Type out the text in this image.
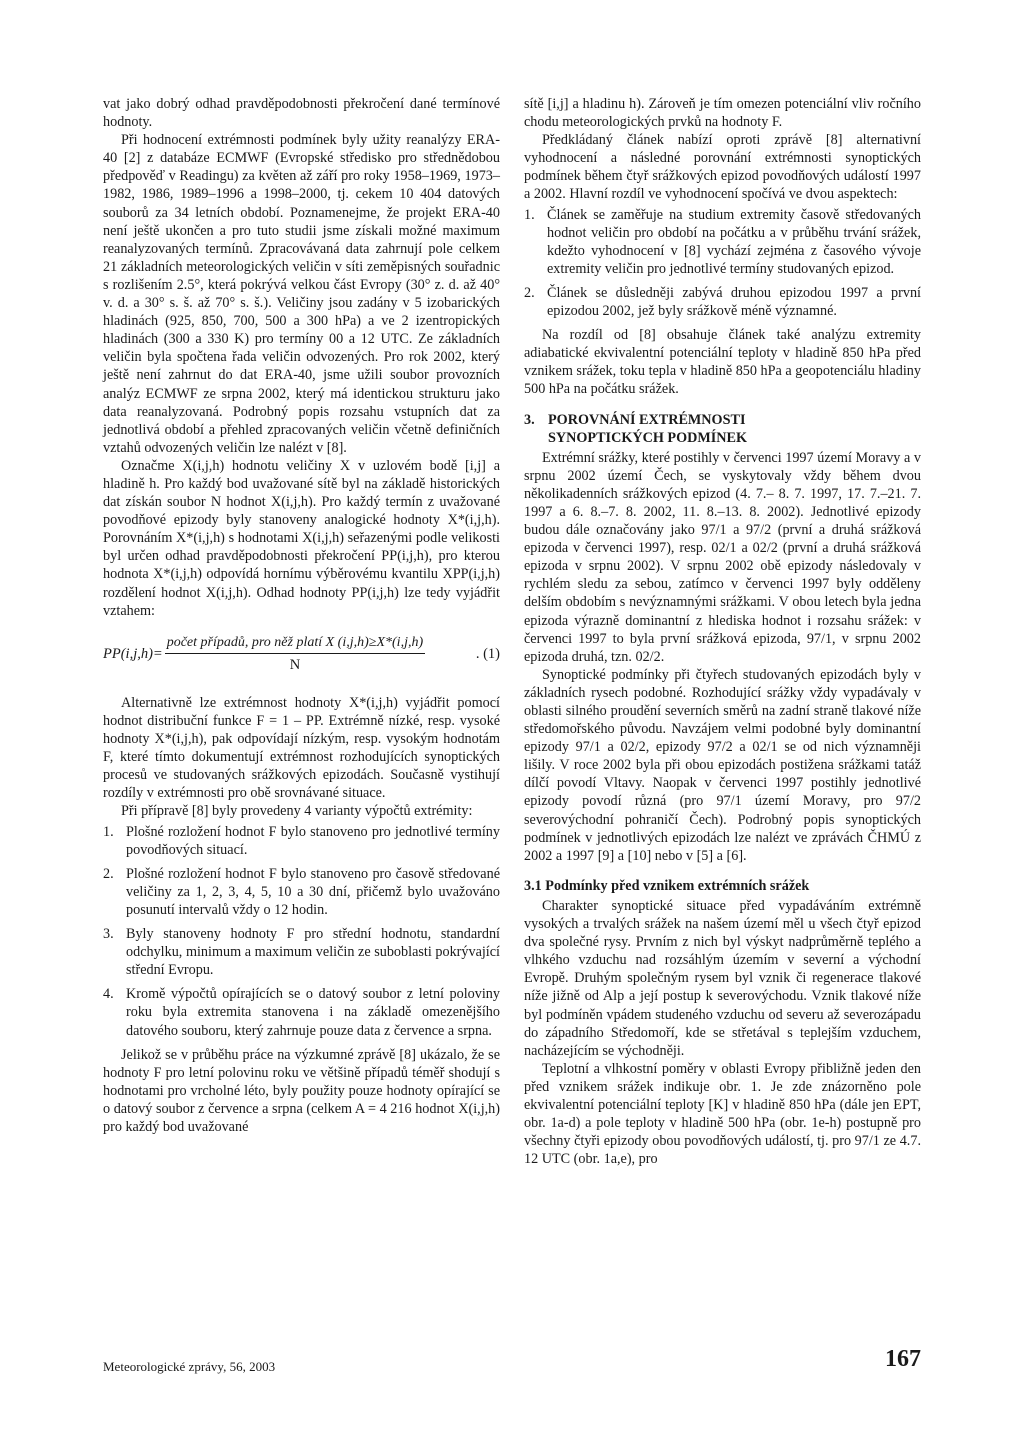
vat jako dobrý odhad pravděpodobnosti překročení dané termínové hodnoty.

Při hodnocení extrémnosti podmínek byly užity reanalýzy ERA-40 [2] z databáze ECMWF (Evropské středisko pro střednědobou předpověď v Readingu) za květen až září pro roky 1958–1969, 1973–1982, 1986, 1989–1996 a 1998–2000, tj. cekem 10 404 datových souborů za 34 letních období. Poznamenejme, že projekt ERA-40 není ještě ukončen a pro tuto studii jsme získali možné maximum reanalyzovaných termínů. Zpracovávaná data zahrnují pole celkem 21 základních meteorologických veličin v síti zeměpisných souřadnic s rozlišením 2.5°, která pokrývá velkou část Evropy (30° z. d. až 40° v. d. a 30° s. š. až 70° s. š.). Veličiny jsou zadány v 5 izobarických hladinách (925, 850, 700, 500 a 300 hPa) a ve 2 izentropických hladinách (300 a 330 K) pro termíny 00 a 12 UTC. Ze základních veličin byla spočtena řada veličin odvozených. Pro rok 2002, který ještě není zahrnut do dat ERA-40, jsme užili soubor provozních analýz ECMWF ze srpna 2002, který má identickou strukturu jako data reanalyzovaná. Podrobný popis rozsahu vstupních dat za jednotlivá období a přehled zpracovaných veličin včetně definičních vztahů odvozených veličin lze nalézt v [8].

Označme X(i,j,h) hodnotu veličiny X v uzlovém bodě [i,j] a hladině h. Pro každý bod uvažované sítě byl na základě historických dat získán soubor N hodnot X(i,j,h). Pro každý termín z uvažované povodňové epizody byly stanoveny analogické hodnoty X*(i,j,h). Porovnáním X*(i,j,h) s hodnotami X(i,j,h) seřazenými podle velikosti byl určen odhad pravděpodobnosti překročení PP(i,j,h), pro kterou hodnota X*(i,j,h) odpovídá hornímu výběrovému kvantilu XPP(i,j,h) rozdělení hodnot X(i,j,h). Odhad hodnoty PP(i,j,h) lze tedy vyjádřit vztahem:

$PP(i,j,h)= \frac{\text{počet případů, pro něž platí X (i,j,h)≥X*(i,j,h)}}{N}$	. (1)

Alternativně lze extrémnost hodnoty X*(i,j,h) vyjádřit pomocí hodnot distribuční funkce F = 1 – PP. Extrémně nízké, resp. vysoké hodnoty X*(i,j,h), pak odpovídají nízkým, resp. vysokým hodnotám F, které tímto dokumentují extrémnost rozhodujících synoptických procesů ve studovaných srážkových epizodách. Současně vystihují rozdíly v extrémnosti pro obě srovnávané situace.

Při přípravě [8] byly provedeny 4 varianty výpočtů extrémity:

1. Plošné rozložení hodnot F bylo stanoveno pro jednotlivé termíny povodňových situací.
2. Plošné rozložení hodnot F bylo stanoveno pro časově středované veličiny za 1, 2, 3, 4, 5, 10 a 30 dní, přičemž bylo uvažováno posunutí intervalů vždy o 12 hodin.
3. Byly stanoveny hodnoty F pro střední hodnotu, standardní odchylku, minimum a maximum veličin ze suboblasti pokrývající střední Evropu.
4. Kromě výpočtů opírajících se o datový soubor z letní poloviny roku byla extremita stanovena i na základě omezenějšího datového souboru, který zahrnuje pouze data z července a srpna.

Jelikož se v průběhu práce na výzkumné zprávě [8] ukázalo, že se hodnoty F pro letní polovinu roku ve většině případů téměř shodují s hodnotami pro vrcholné léto, byly použity pouze hodnoty opírající se o datový soubor z července a srpna (celkem A = 4 216 hodnot X(i,j,h) pro každý bod uvažované

sítě [i,j] a hladinu h). Zároveň je tím omezen potenciální vliv ročního chodu meteorologických prvků na hodnoty F.

Předkládaný článek nabízí oproti zprávě [8] alternativní vyhodnocení a následné porovnání extrémnosti synoptických podmínek během čtyř srážkových epizod povodňových událostí 1997 a 2002. Hlavní rozdíl ve vyhodnocení spočívá ve dvou aspektech:

1. Článek se zaměřuje na studium extremity časově středovaných hodnot veličin pro období na počátku a v průběhu trvání srážek, kdežto vyhodnocení v [8] vychází zejména z časového vývoje extremity veličin pro jednotlivé termíny studovaných epizod.
2. Článek se důsledněji zabývá druhou epizodou 1997 a první epizodou 2002, jež byly srážkově méně významné.

Na rozdíl od [8] obsahuje článek také analýzu extremity adiabatické ekvivalentní potenciální teploty v hladině 850 hPa před vznikem srážek, toku tepla v hladině 850 hPa a geopotenciálu hladiny 500 hPa na počátku srážek.

3. POROVNÁNÍ EXTRÉMNOSTI
SYNOPTICKÝCH PODMÍNEK

Extrémní srážky, které postihly v červenci 1997 území Moravy a v srpnu 2002 území Čech, se vyskytovaly vždy během dvou několikadenních srážkových epizod (4. 7.– 8. 7. 1997, 17. 7.–21. 7. 1997 a 6. 8.–7. 8. 2002, 11. 8.–13. 8. 2002). Jednotlivé epizody budou dále označovány jako 97/1 a 97/2 (první a druhá srážková epizoda v červenci 1997), resp. 02/1 a 02/2 (první a druhá srážková epizoda v srpnu 2002). V srpnu 2002 obě epizody následovaly v rychlém sledu za sebou, zatímco v červenci 1997 byly odděleny delším obdobím s nevýznamnými srážkami. V obou letech byla jedna epizoda výrazně dominantní z hlediska hodnot i rozsahu srážek: v červenci 1997 to byla první srážková epizoda, 97/1, v srpnu 2002 epizoda druhá, tzn. 02/2.

Synoptické podmínky při čtyřech studovaných epizodách byly v základních rysech podobné. Rozhodující srážky vždy vypadávaly v oblasti silného proudění severních směrů na zadní straně tlakové níže středomořského původu. Navzájem velmi podobné byly dominantní epizody 97/1 a 02/2, epizody 97/2 a 02/1 se od nich významněji lišily. V roce 2002 byla při obou epizodách postižena srážkami tatáž dílčí povodí Vltavy. Naopak v červenci 1997 postihly jednotlivé epizody povodí různá (pro 97/1 území Moravy, pro 97/2 severovýchodní pohraničí Čech). Podrobný popis synoptických podmínek v jednotlivých epizodách lze nalézt ve zprávách ČHMÚ z 2002 a 1997 [9] a [10] nebo v [5] a [6].

3.1 Podmínky před vznikem extrémních srážek

Charakter synoptické situace před vypadáváním extrémně vysokých a trvalých srážek na našem území měl u všech čtyř epizod dva společné rysy. Prvním z nich byl výskyt nadprůměrně teplého a vlhkého vzduchu nad rozsáhlým územím v severní a východní Evropě. Druhým společným rysem byl vznik či regenerace tlakové níže jižně od Alp a její postup k severovýchodu. Vznik tlakové níže byl podmíněn vpádem studeného vzduchu od severu až severozápadu do západního Středomoří, kde se střetával s teplejším vzduchem, nacházejícím se východněji.

Teplotní a vlhkostní poměry v oblasti Evropy přibližně jeden den před vznikem srážek indikuje obr. 1. Je zde znázorněno pole ekvivalentní potenciální teploty [K] v hladině 850 hPa (dále jen EPT, obr. 1a-d) a pole teploty v hladině 500 hPa (obr. 1e-h) postupně pro všechny čtyři epizody obou povodňových událostí, tj. pro 97/1 ze 4.7. 12 UTC (obr. 1a,e), pro

Meteorologické zprávy, 56, 2003	167
